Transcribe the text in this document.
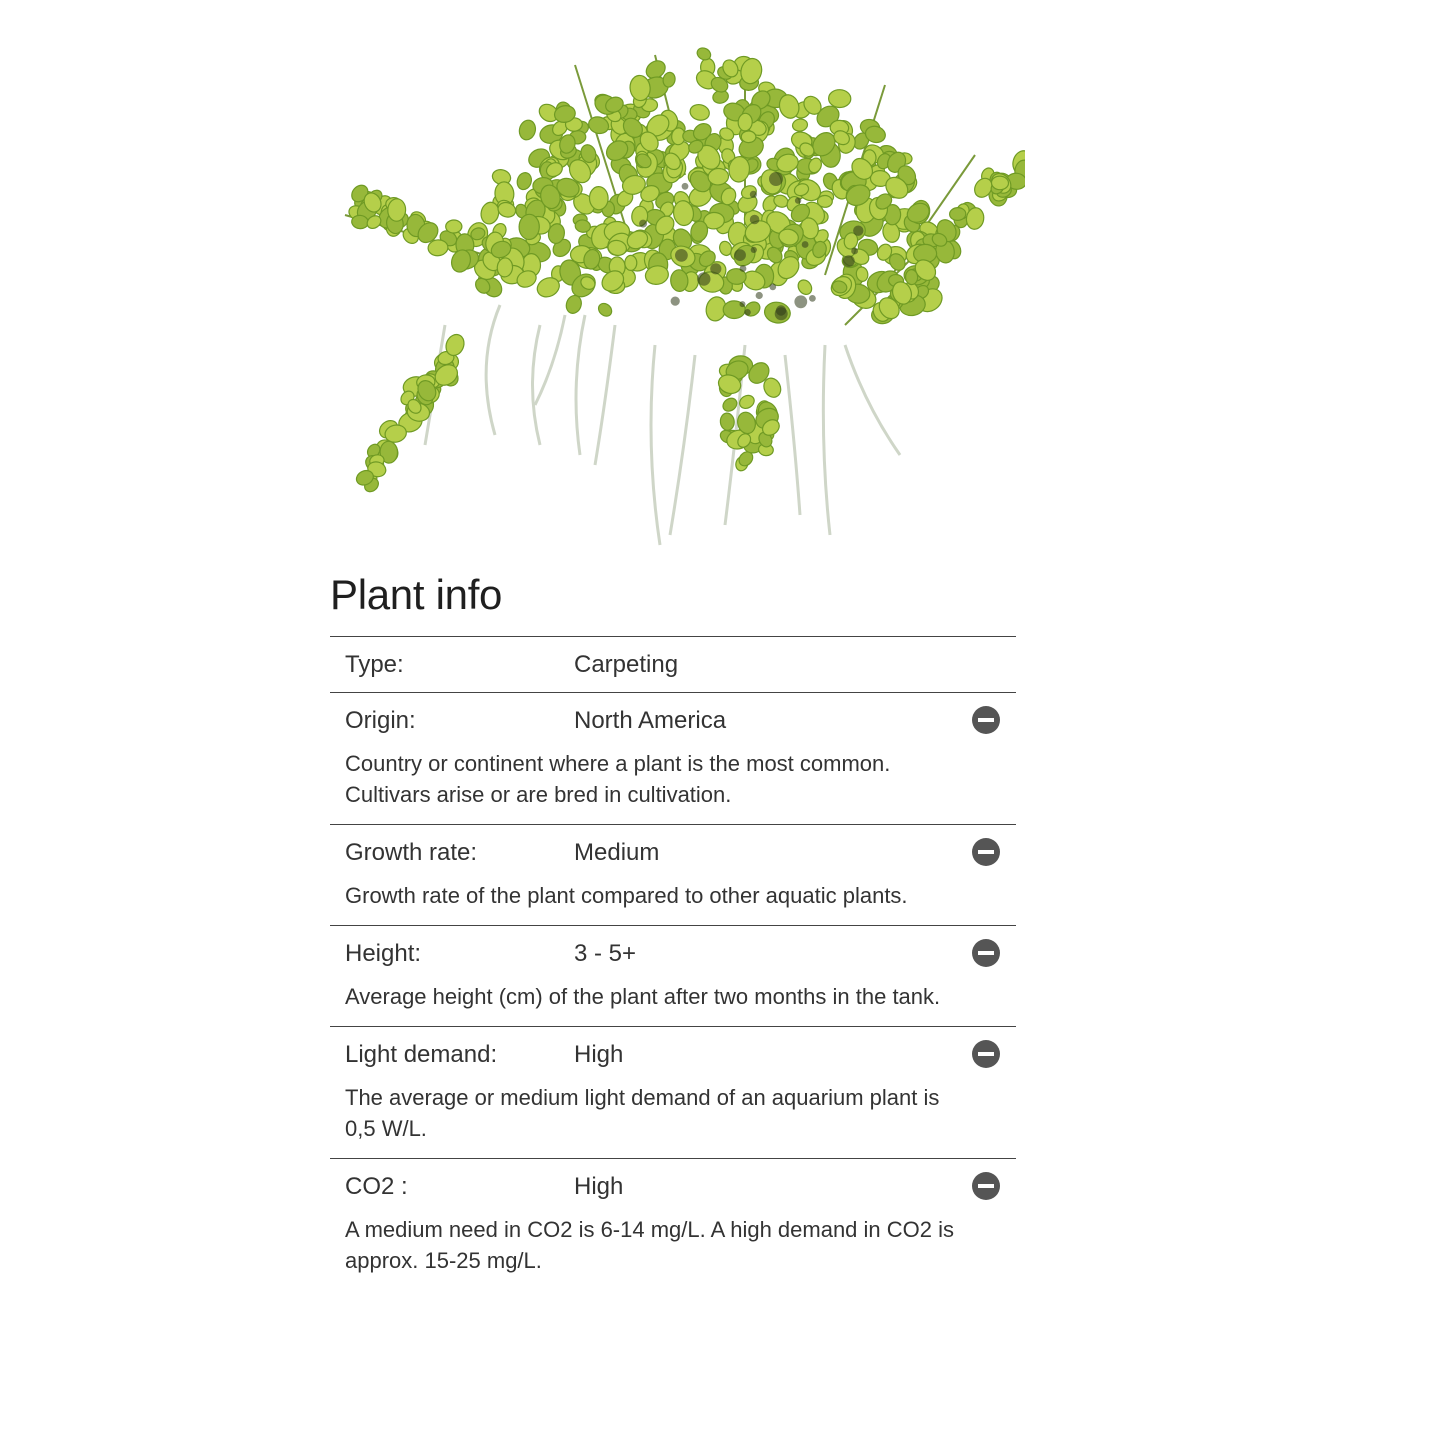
Plant info
Type:	Carpeting
Origin:	North America
Country or continent where a plant is the most common. Cultivars arise or are bred in cultivation.
Growth rate:	Medium
Growth rate of the plant compared to other aquatic plants.
Height:	3 - 5+
Average height (cm) of the plant after two months in the tank.
Light demand:	High
The average or medium light demand of an aquarium plant is 0,5 W/L.
CO2 :	High
A medium need in CO2 is 6-14 mg/L. A high demand in CO2 is approx. 15-25 mg/L.
